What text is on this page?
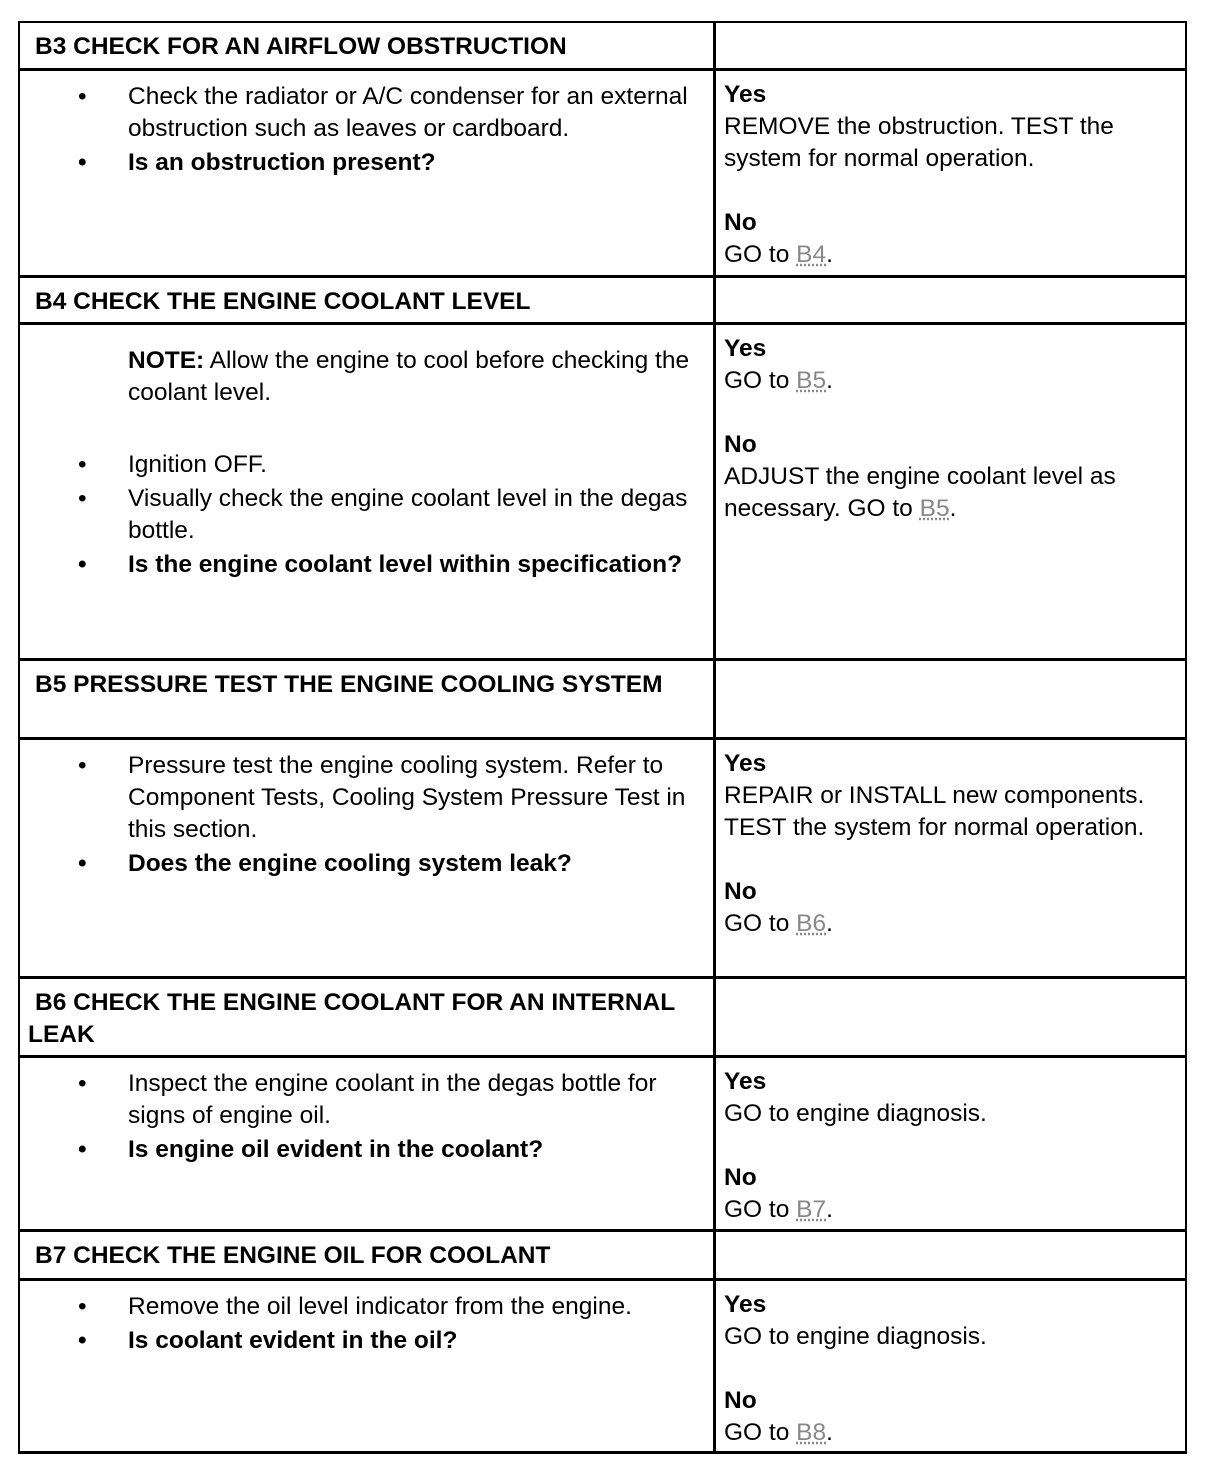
B3 CHECK FOR AN AIRFLOW OBSTRUCTION
• Check the radiator or A/C condenser for an external obstruction such as leaves or cardboard.
• Is an obstruction present?
Yes
REMOVE the obstruction. TEST the system for normal operation.
No
GO to B4.
B4 CHECK THE ENGINE COOLANT LEVEL
NOTE: Allow the engine to cool before checking the coolant level.
• Ignition OFF.
• Visually check the engine coolant level in the degas bottle.
• Is the engine coolant level within specification?
Yes
GO to B5.
No
ADJUST the engine coolant level as necessary. GO to B5.
B5 PRESSURE TEST THE ENGINE COOLING SYSTEM
• Pressure test the engine cooling system. Refer to Component Tests, Cooling System Pressure Test in this section.
• Does the engine cooling system leak?
Yes
REPAIR or INSTALL new components. TEST the system for normal operation.
No
GO to B6.
B6 CHECK THE ENGINE COOLANT FOR AN INTERNAL LEAK
• Inspect the engine coolant in the degas bottle for signs of engine oil.
• Is engine oil evident in the coolant?
Yes
GO to engine diagnosis.
No
GO to B7.
B7 CHECK THE ENGINE OIL FOR COOLANT
• Remove the oil level indicator from the engine.
• Is coolant evident in the oil?
Yes
GO to engine diagnosis.
No
GO to B8.
